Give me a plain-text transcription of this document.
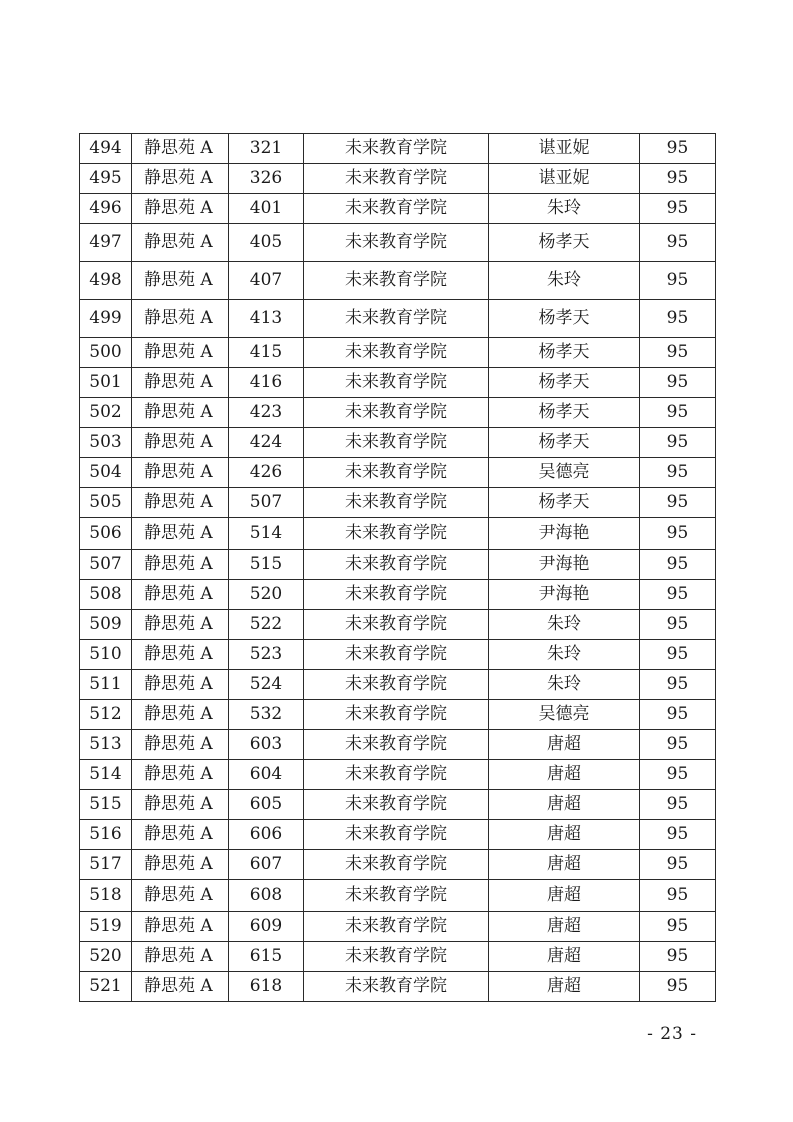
494	静思苑 A	321	未来教育学院	谌亚妮	95
495	静思苑 A	326	未来教育学院	谌亚妮	95
496	静思苑 A	401	未来教育学院	朱玲	95
497	静思苑 A	405	未来教育学院	杨孝天	95
498	静思苑 A	407	未来教育学院	朱玲	95
499	静思苑 A	413	未来教育学院	杨孝天	95
500	静思苑 A	415	未来教育学院	杨孝天	95
501	静思苑 A	416	未来教育学院	杨孝天	95
502	静思苑 A	423	未来教育学院	杨孝天	95
503	静思苑 A	424	未来教育学院	杨孝天	95
504	静思苑 A	426	未来教育学院	吴德亮	95
505	静思苑 A	507	未来教育学院	杨孝天	95
506	静思苑 A	514	未来教育学院	尹海艳	95
507	静思苑 A	515	未来教育学院	尹海艳	95
508	静思苑 A	520	未来教育学院	尹海艳	95
509	静思苑 A	522	未来教育学院	朱玲	95
510	静思苑 A	523	未来教育学院	朱玲	95
511	静思苑 A	524	未来教育学院	朱玲	95
512	静思苑 A	532	未来教育学院	吴德亮	95
513	静思苑 A	603	未来教育学院	唐超	95
514	静思苑 A	604	未来教育学院	唐超	95
515	静思苑 A	605	未来教育学院	唐超	95
516	静思苑 A	606	未来教育学院	唐超	95
517	静思苑 A	607	未来教育学院	唐超	95
518	静思苑 A	608	未来教育学院	唐超	95
519	静思苑 A	609	未来教育学院	唐超	95
520	静思苑 A	615	未来教育学院	唐超	95
521	静思苑 A	618	未来教育学院	唐超	95
- 23 -
